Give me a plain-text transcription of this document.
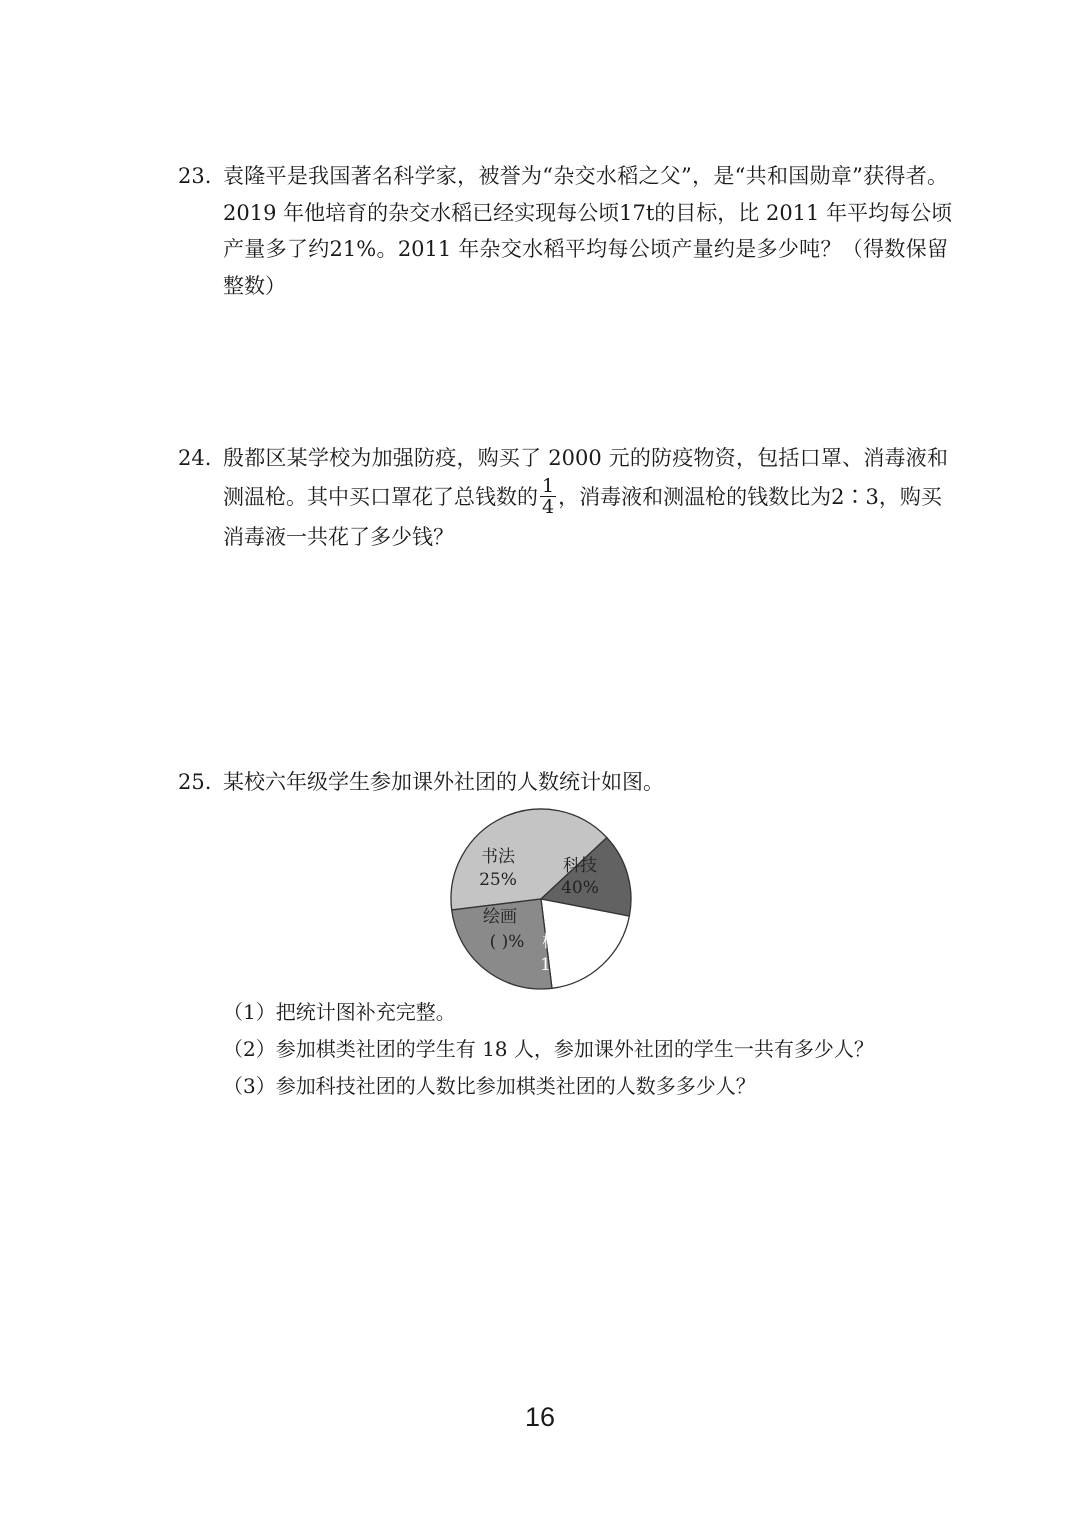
23. 袁隆平是我国著名科学家，被誉为“杂交水稻之父”，是“共和国勋章”获得者。
2019 年他培育的杂交水稻已经实现每公顷17t的目标，比 2011 年平均每公顷
产量多了约21%。2011 年杂交水稻平均每公顷产量约是多少吨？（得数保留
整数）
24. 殷都区某学校为加强防疫，购买了 2000 元的防疫物资，包括口罩、消毒液和
测温枪。其中买口罩花了总钱数的 $\frac{1}{4}$ ，消毒液和测温枪的钱数比为2∶3，购买
消毒液一共花了多少钱？
25. 某校六年级学生参加课外社团的人数统计如图。
科技
40%
棋类
15%
绘画
( )%
书法
25%
（1）把统计图补充完整。
（2）参加棋类社团的学生有 18 人，参加课外社团的学生一共有多少人？
（3）参加科技社团的人数比参加棋类社团的人数多多少人？
16
